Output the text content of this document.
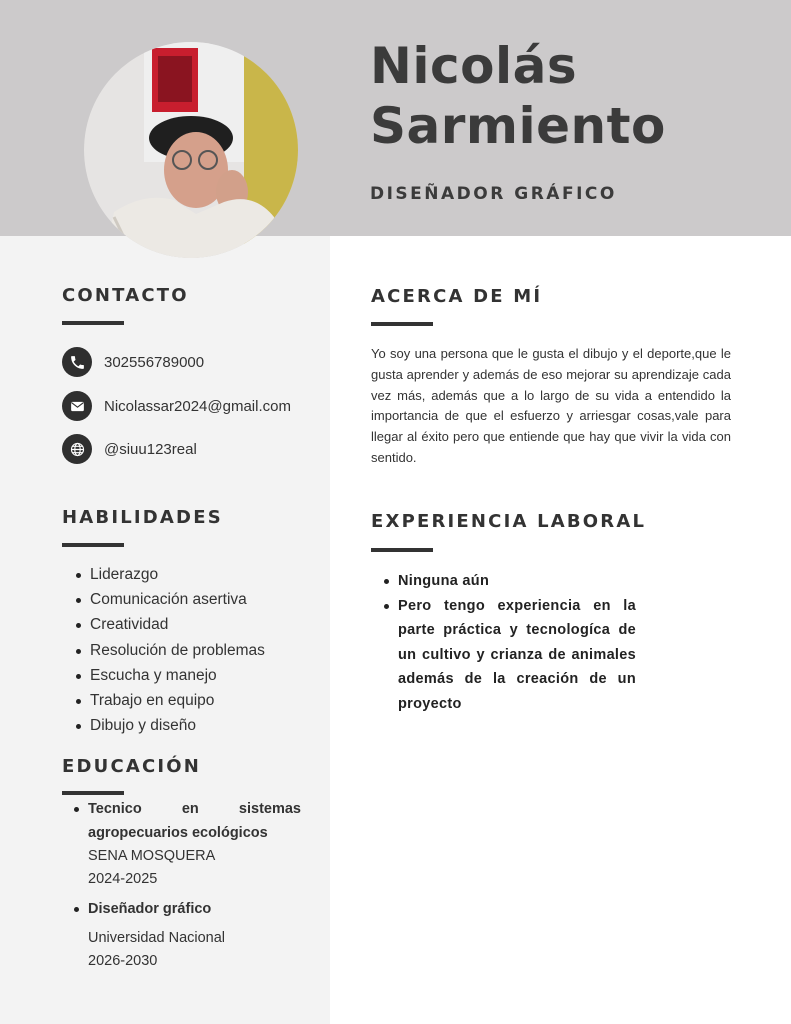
Nicolás
Sarmiento
DISEÑADOR GRÁFICO
CONTACTO
302556789000
Nicolassar2024@gmail.com
@siuu123real
HABILIDADES
Liderazgo
Comunicación asertiva
Creatividad
Resolución de problemas
Escucha y manejo
Trabajo en equipo
Dibujo y diseño
EDUCACIÓN
Tecnico en sistemas agropecuarios ecológicos
SENA MOSQUERA
2024-2025
Diseñador gráfico
Universidad Nacional
2026-2030
ACERCA DE MÍ
Yo soy una persona que le gusta el dibujo y el deporte,que le gusta aprender y además de eso mejorar su aprendizaje cada vez más, además que a lo largo de su vida a entendido la importancia de que el esfuerzo y arriesgar cosas,vale para llegar al éxito pero que entiende que hay que vivir la vida con sentido.
EXPERIENCIA LABORAL
Ninguna aún
Pero tengo experiencia en la parte práctica y tecnologíca de un cultivo y crianza de animales además de la creación de un proyecto
